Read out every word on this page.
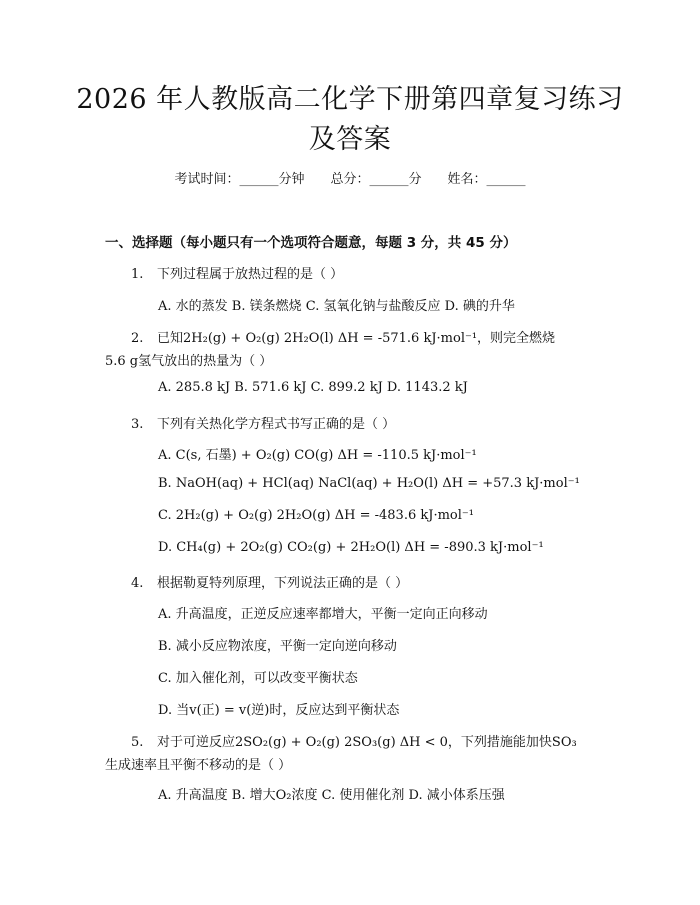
2026 年人教版高二化学下册第四章复习练习
及答案
考试时间：______分钟　　总分：______分　　姓名：______
一、选择题（每小题只有一个选项符合题意，每题 3 分，共 45 分）
1. 下列过程属于放热过程的是（ ）
A. 水的蒸发 B. 镁条燃烧 C. 氢氧化钠与盐酸反应 D. 碘的升华
2. 已知2H₂(g) + O₂(g) 2H₂O(l) ΔH = -571.6 kJ·mol⁻¹，则完全燃烧
5.6 g氢气放出的热量为（ ）
A. 285.8 kJ B. 571.6 kJ C. 899.2 kJ D. 1143.2 kJ
3. 下列有关热化学方程式书写正确的是（ ）
A. C(s, 石墨) + O₂(g) CO(g) ΔH = -110.5 kJ·mol⁻¹
B. NaOH(aq) + HCl(aq) NaCl(aq) + H₂O(l) ΔH = +57.3 kJ·mol⁻¹
C. 2H₂(g) + O₂(g) 2H₂O(g) ΔH = -483.6 kJ·mol⁻¹
D. CH₄(g) + 2O₂(g) CO₂(g) + 2H₂O(l) ΔH = -890.3 kJ·mol⁻¹
4. 根据勒夏特列原理，下列说法正确的是（ ）
A. 升高温度，正逆反应速率都增大，平衡一定向正向移动
B. 减小反应物浓度，平衡一定向逆向移动
C. 加入催化剂，可以改变平衡状态
D. 当v(正) = v(逆)时，反应达到平衡状态
5. 对于可逆反应2SO₂(g) + O₂(g) 2SO₃(g) ΔH < 0，下列措施能加快SO₃
生成速率且平衡不移动的是（ ）
A. 升高温度 B. 增大O₂浓度 C. 使用催化剂 D. 减小体系压强
